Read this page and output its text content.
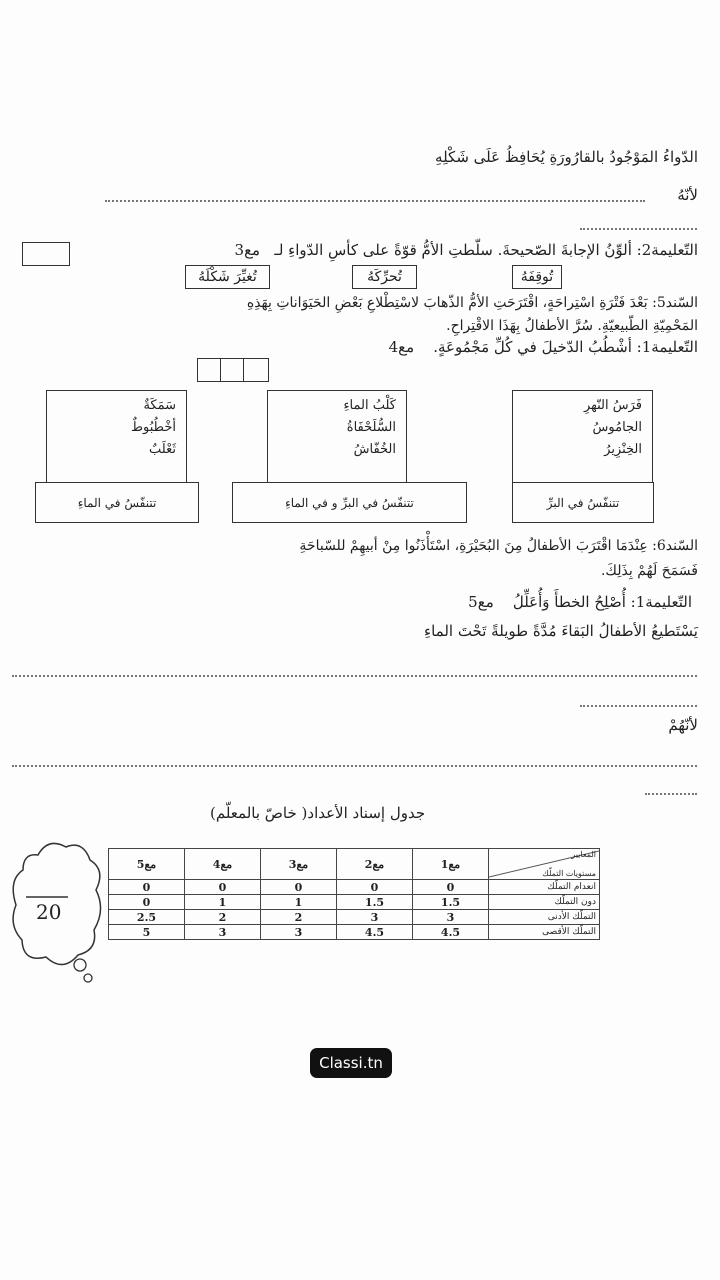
الدّواءُ المَوْجُودُ بالقارُورَةِ يُحَافِظُ عَلَى شَكْلِهِ
لأنّهُ
التّعليمة2: ألوِّنُ الإجابةَ الصّحيحةَ. سلّطتِ الأمُّ قوّةً على كأسِ الدّواءِ لـ   مع3
تُوقِفَهُ
تُحرِّكَهُ
تُغيِّرَ شَكْلَهُ
السّند5: بَعْدَ فَتْرَةِ اسْتِراحَةٍ، اقْتَرَحَتِ الأمُّ الذّهابَ لاسْتِطْلاعِ بَعْضِ الحَيَوَاناتِ بِهَذِهِ
المَحْمِيّةِ الطّبيعيّةِ. سُرَّ الأطفالُ بِهَذَا الاقْتِراحِ.
التّعليمة1: أشْطُبُ الدّخيلَ في كُلِّ مَجْمُوعَةٍ.    مع4
سَمَكَةٌ
أخْطُبُوطٌ
ثَعْلَبٌ
تتنفّسُ في الماءِ
كَلْبُ الماءِ
السُّلَحْفَاةُ
الخُفّاشُ
تتنفّسُ في البرِّ و في الماءِ
فَرَسُ النّهرِ
الجامُوسُ
الخِنْزِيرُ
تتنفّسُ في البرِّ
السّند6: عِنْدَمَا اقْتَرَبَ الأطفالُ مِنَ البُحَيْرَةِ، اسْتَأْذَنُوا مِنْ أبيهِمْ للسّباحَةِ
فَسَمَحَ لَهُمْ بِذَلِكَ.
التّعليمة1: أُصْلِحُ الخطأَ وَأُعَلِّلُ    مع5
يَسْتَطيعُ الأطفالُ البَقاءَ مُدَّةً طويلةً تَحْتَ الماءِ
لأنّهُمْ
جدول إسناد الأعداد( خاصّ بالمعلّم)
20
المعايير
مستويات التملّك	مع1	مع2	مع3	مع4	مع5
انعدام التملّك	0	0	0	0	0
دون التملّك	1.5	1.5	1	1	0
التملّك الأدنى	3	3	2	2	2.5
التملّك الأقصى	4.5	4.5	3	3	5
Classi.tn
